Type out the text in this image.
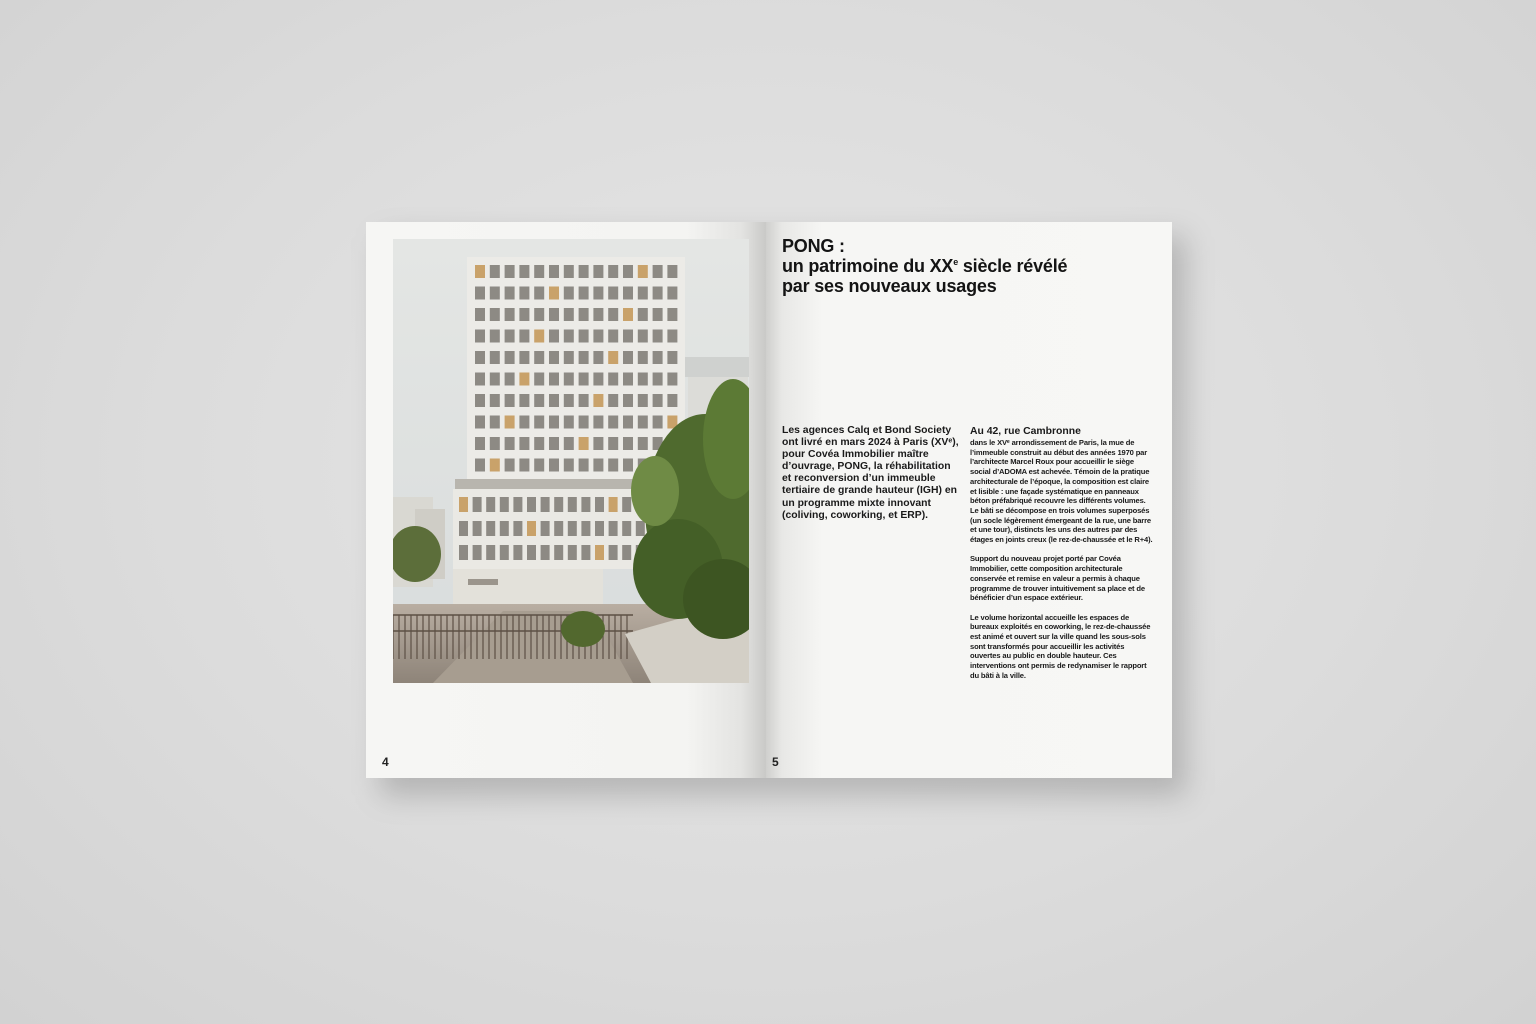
4
PONG :
un patrimoine du XXe siècle révélé
par ses nouveaux usages
Les agences Calq et Bond Society ont livré en mars 2024 à Paris (XVᵉ), pour Covéa Immobilier maître d’ouvrage, PONG, la réhabilitation et reconversion d’un immeuble tertiaire de grande hauteur (IGH) en un programme mixte innovant (coliving, coworking, et ERP).
Au 42, rue Cambronne

dans le XVᵉ arrondissement de Paris, la mue de l’immeuble construit au début des années 1970 par l’architecte Marcel Roux pour accueillir le siège social d’ADOMA est achevée. Témoin de la pratique architecturale de l’époque, la composition est claire et lisible : une façade systématique en panneaux béton préfabriqué recouvre les différents volumes. Le bâti se décompose en trois volumes superposés (un socle légèrement émergeant de la rue, une barre et une tour), distincts les uns des autres par des étages en joints creux (le rez-de-chaussée et le R+4).

Support du nouveau projet porté par Covéa Immobilier, cette composition architecturale conservée et remise en valeur a permis à chaque programme de trouver intuitivement sa place et de bénéficier d’un espace extérieur.

Le volume horizontal accueille les espaces de bureaux exploités en coworking, le rez-de-chaussée est animé et ouvert sur la ville quand les sous-sols sont transformés pour accueillir les activités ouvertes au public en double hauteur. Ces interventions ont permis de redynamiser le rapport du bâti à la ville.

5
